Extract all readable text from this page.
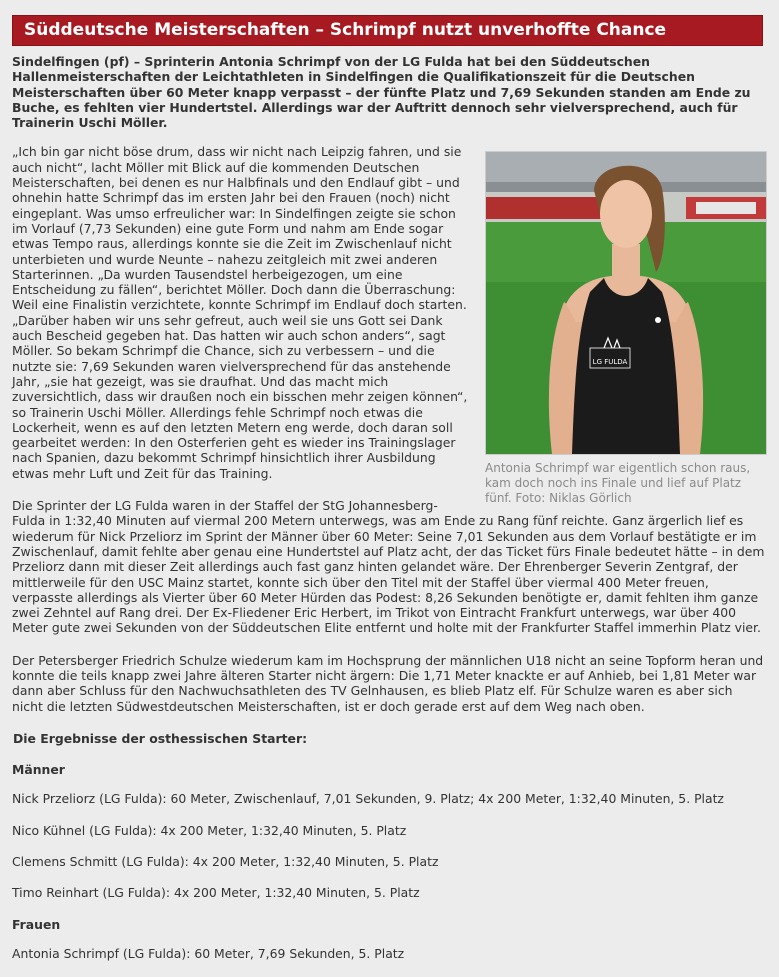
Süddeutsche Meisterschaften – Schrimpf nutzt unverhoffte Chance

Sindelfingen (pf) – Sprinterin Antonia Schrimpf von der LG Fulda hat bei den Süddeutschen Hallenmeisterschaften der Leichtathleten in Sindelfingen die Qualifikationszeit für die Deutschen Meisterschaften über 60 Meter knapp verpasst – der fünfte Platz und 7,69 Sekunden standen am Ende zu Buche, es fehlten vier Hundertstel. Allerdings war der Auftritt dennoch sehr vielversprechend, auch für Trainerin Uschi Möller.

LG FULDA

Antonia Schrimpf war eigentlich schon raus, kam doch noch ins Finale und lief auf Platz fünf. Foto: Niklas Görlich

„Ich bin gar nicht böse drum, dass wir nicht nach Leipzig fahren, und sie auch nicht“, lacht Möller mit Blick auf die kommenden Deutschen Meisterschaften, bei denen es nur Halbfinals und den Endlauf gibt – und ohnehin hatte Schrimpf das im ersten Jahr bei den Frauen (noch) nicht eingeplant. Was umso erfreulicher war: In Sindelfingen zeigte sie schon im Vorlauf (7,73 Sekunden) eine gute Form und nahm am Ende sogar etwas Tempo raus, allerdings konnte sie die Zeit im Zwischenlauf nicht unterbieten und wurde Neunte – nahezu zeitgleich mit zwei anderen Starterinnen. „Da wurden Tausendstel herbeigezogen, um eine Entscheidung zu fällen“, berichtet Möller. Doch dann die Überraschung: Weil eine Finalistin verzichtete, konnte Schrimpf im Endlauf doch starten. „Darüber haben wir uns sehr gefreut, auch weil sie uns Gott sei Dank auch Bescheid gegeben hat. Das hatten wir auch schon anders“, sagt Möller. So bekam Schrimpf die Chance, sich zu verbessern – und die nutzte sie: 7,69 Sekunden waren vielversprechend für das anstehende Jahr, „sie hat gezeigt, was sie draufhat. Und das macht mich zuversichtlich, dass wir draußen noch ein bisschen mehr zeigen können“, so Trainerin Uschi Möller. Allerdings fehle Schrimpf noch etwas die Lockerheit, wenn es auf den letzten Metern eng werde, doch daran soll gearbeitet werden: In den Osterferien geht es wieder ins Trainingslager nach Spanien, dazu bekommt Schrimpf hinsichtlich ihrer Ausbildung etwas mehr Luft und Zeit für das Training.

Die Sprinter der LG Fulda waren in der Staffel der StG Johannesberg-Fulda in 1:32,40 Minuten auf viermal 200 Metern unterwegs, was am Ende zu Rang fünf reichte. Ganz ärgerlich lief es wiederum für Nick Przeliorz im Sprint der Männer über 60 Meter: Seine 7,01 Sekunden aus dem Vorlauf bestätigte er im Zwischenlauf, damit fehlte aber genau eine Hundertstel auf Platz acht, der das Ticket fürs Finale bedeutet hätte – in dem Przeliorz dann mit dieser Zeit allerdings auch fast ganz hinten gelandet wäre. Der Ehrenberger Severin Zentgraf, der mittlerweile für den USC Mainz startet, konnte sich über den Titel mit der Staffel über viermal 400 Meter freuen, verpasste allerdings als Vierter über 60 Meter Hürden das Podest: 8,26 Sekunden benötigte er, damit fehlten ihm ganze zwei Zehntel auf Rang drei. Der Ex-Fliedener Eric Herbert, im Trikot von Eintracht Frankfurt unterwegs, war über 400 Meter gute zwei Sekunden von der Süddeutschen Elite entfernt und holte mit der Frankfurter Staffel immerhin Platz vier.

Der Petersberger Friedrich Schulze wiederum kam im Hochsprung der männlichen U18 nicht an seine Topform heran und konnte die teils knapp zwei Jahre älteren Starter nicht ärgern: Die 1,71 Meter knackte er auf Anhieb, bei 1,81 Meter war dann aber Schluss für den Nachwuchsathleten des TV Gelnhausen, es blieb Platz elf. Für Schulze waren es aber sich nicht die letzten Südwestdeutschen Meisterschaften, ist er doch gerade erst auf dem Weg nach oben.

Die Ergebnisse der osthessischen Starter:
Männer
Nick Przeliorz (LG Fulda): 60 Meter, Zwischenlauf, 7,01 Sekunden, 9. Platz; 4x 200 Meter, 1:32,40 Minuten, 5. Platz
Nico Kühnel (LG Fulda): 4x 200 Meter, 1:32,40 Minuten, 5. Platz
Clemens Schmitt (LG Fulda): 4x 200 Meter, 1:32,40 Minuten, 5. Platz
Timo Reinhart (LG Fulda): 4x 200 Meter, 1:32,40 Minuten, 5. Platz
Frauen
Antonia Schrimpf (LG Fulda): 60 Meter, 7,69 Sekunden, 5. Platz
